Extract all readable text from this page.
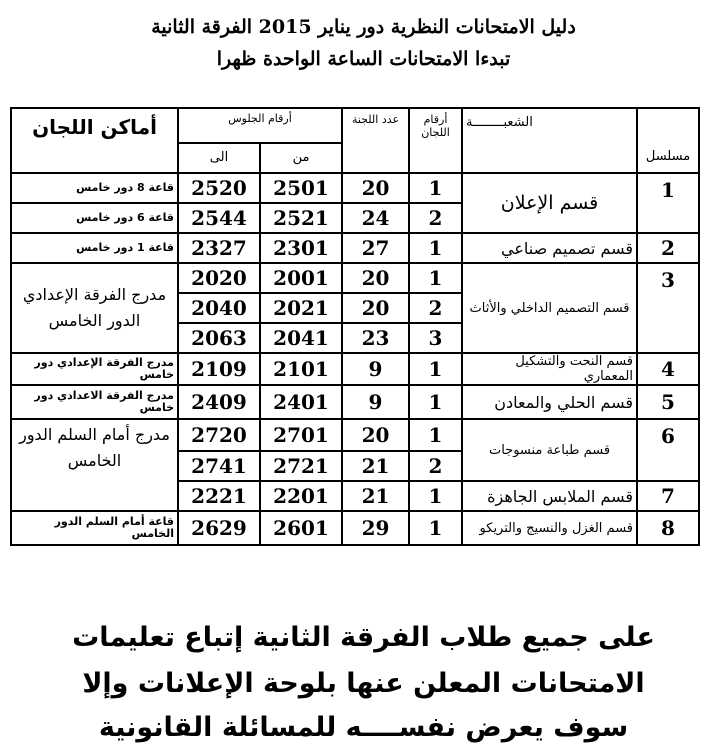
دليل الامتحانات النظرية دور يناير 2015 الفرقة الثانية
تبدءا الامتحانات الساعة الواحدة ظهرا
مسلسل	الشعبــــــــة	أرقام اللجان	عدد اللجنة	أرقام الجلوس		أماكن اللجان
				من	الى	
1	قسم الإعلان	1	20	2501	2520	قاعة 8 دور خامس
		2	24	2521	2544	قاعة 6 دور خامس
2	قسم تصميم صناعي	1	27	2301	2327	قاعة 1 دور خامس
3	قسم التصميم الداخلي والأثاث	1	20	2001	2020	مدرج الفرقة الإعدادي الدور الخامس
		2	20	2021	2040	
		3	23	2041	2063	
4	قسم النحت والتشكيل المعماري	1	9	2101	2109	مدرج الفرقة الإعدادي دور خامس
5	قسم الحلي والمعادن	1	9	2401	2409	مدرج الفرقة الاعدادي دور خامس
6	قسم طباعة منسوجات	1	20	2701	2720	مدرج أمام السلم الدور الخامس
		2	21	2721	2741	
7	قسم الملابس الجاهزة	1	21	2201	2221	
8	قسم الغزل والنسيج والتريكو	1	29	2601	2629	قاعة أمام السلم الدور الخامس
على جميع طلاب الفرقة الثانية إتباع تعليمات
الامتحانات المعلن عنها بلوحة الإعلانات وإلا
سوف يعرض نفســــه للمسائلة القانونية
